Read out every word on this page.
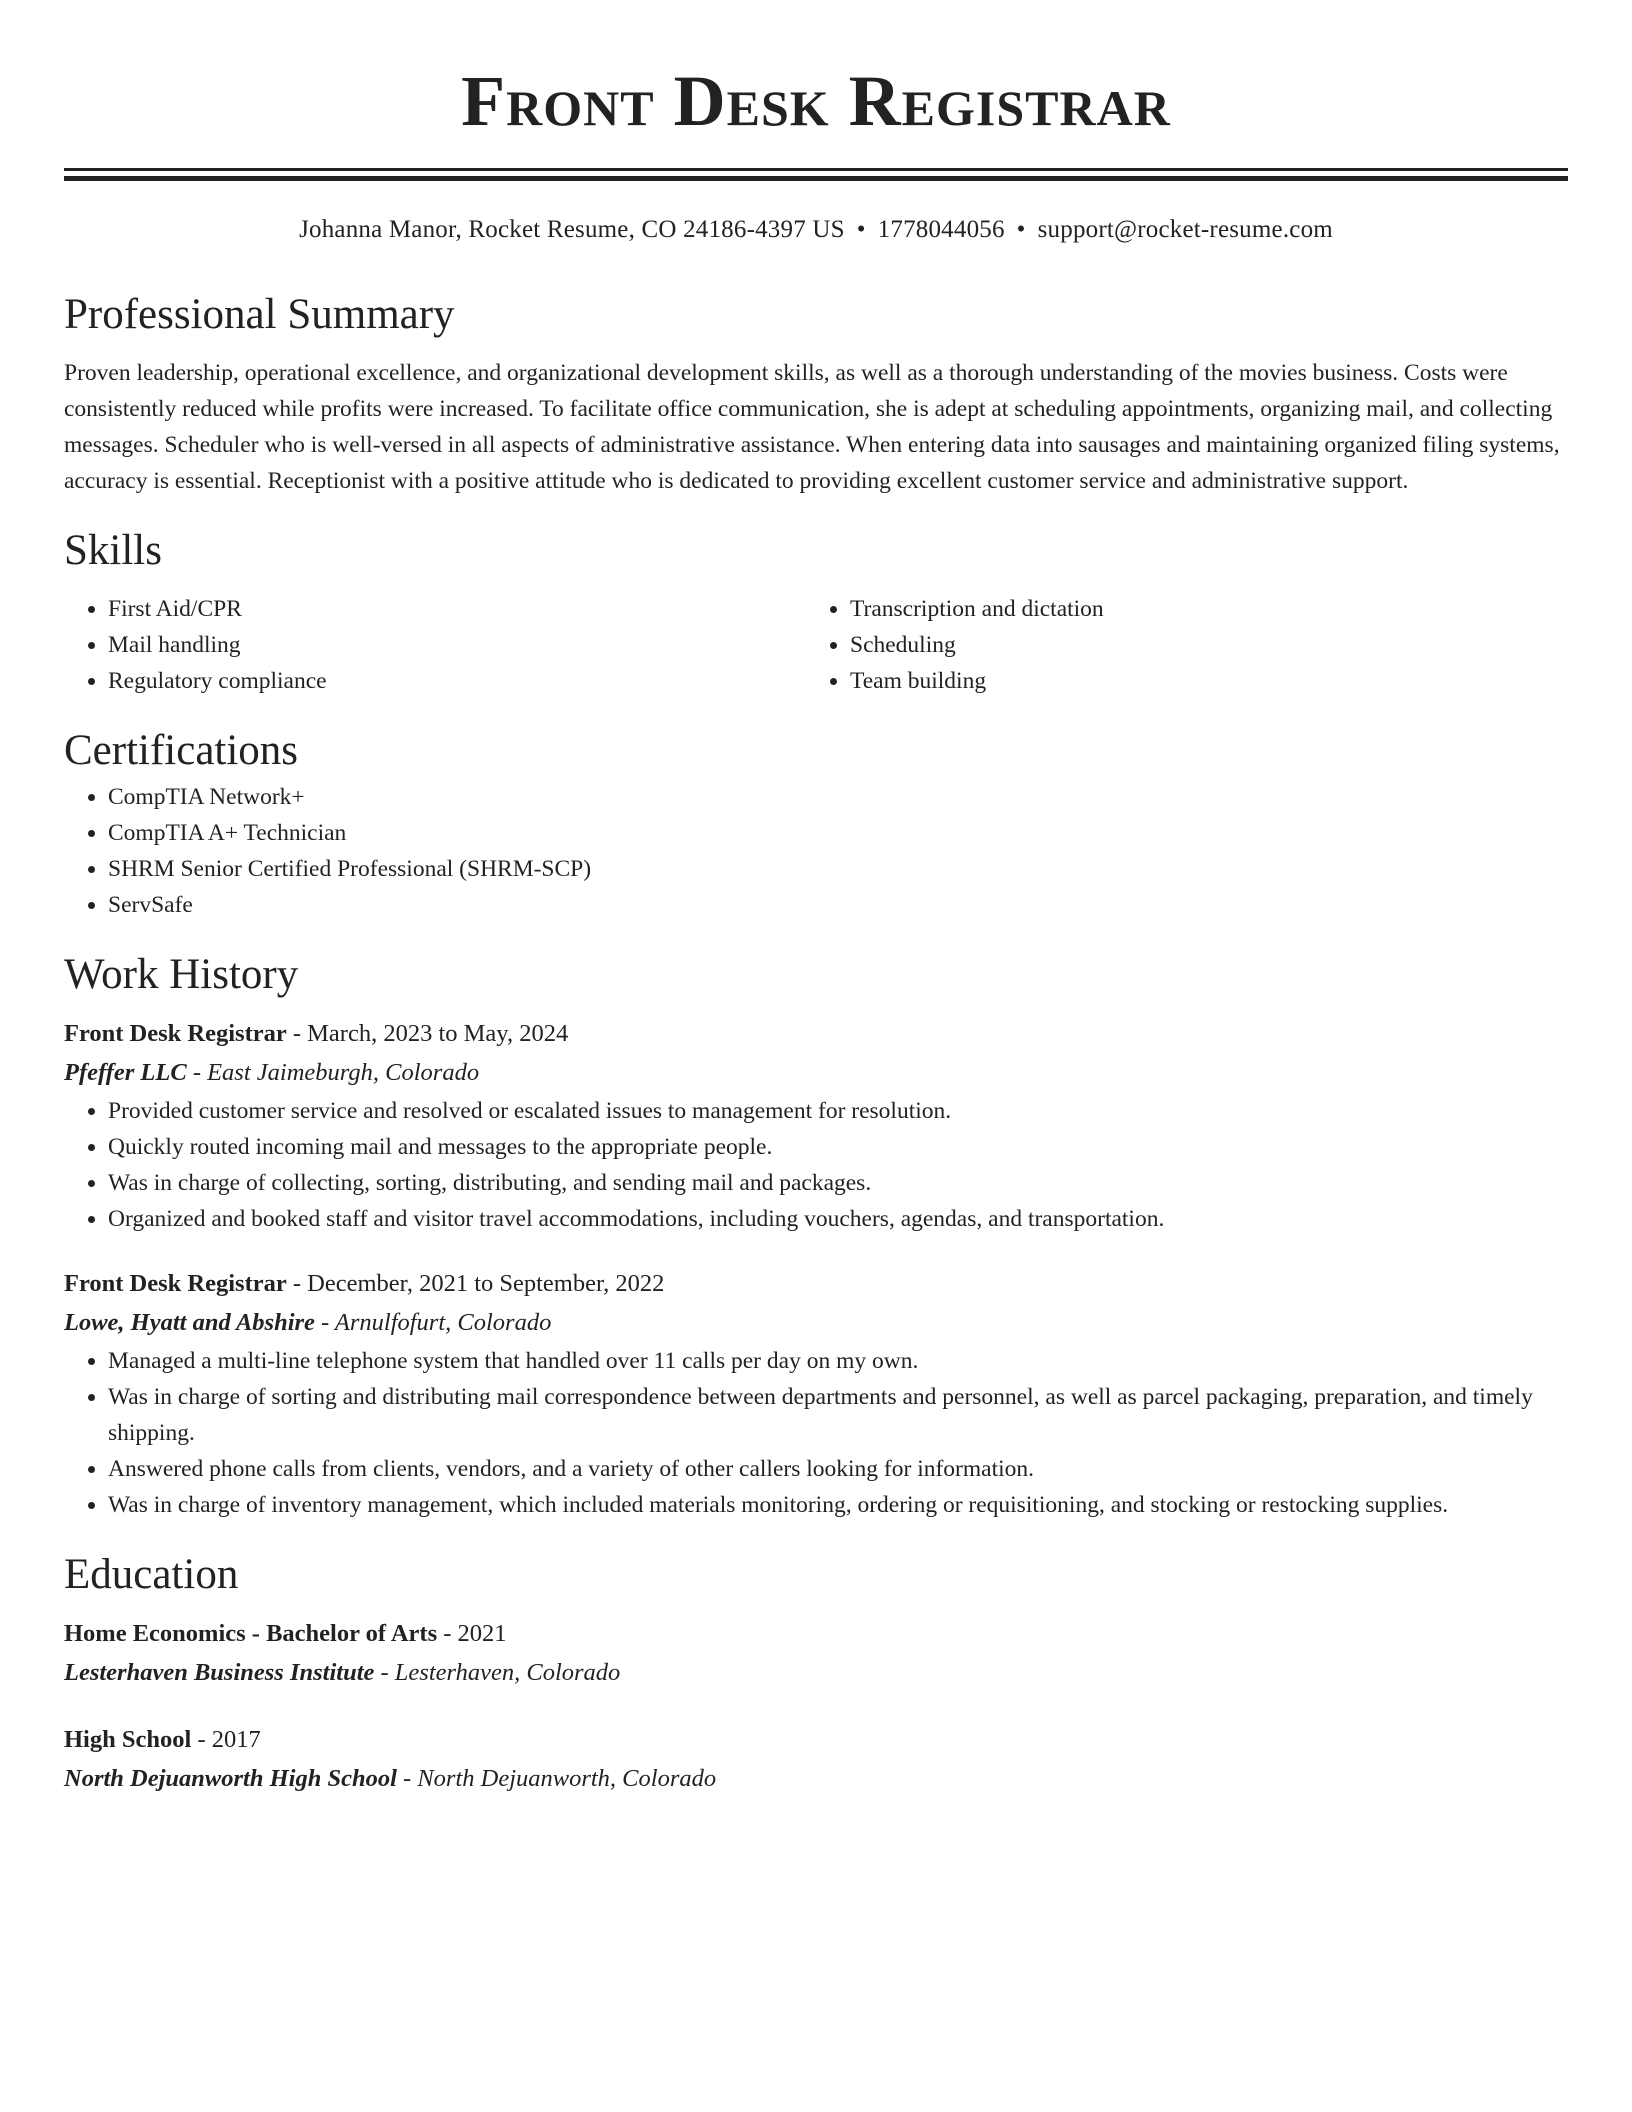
Front Desk Registrar
Johanna Manor, Rocket Resume, CO 24186-4397 US • 1778044056 • support@rocket-resume.com
Professional Summary

Proven leadership, operational excellence, and organizational development skills, as well as a thorough understanding of the movies business. Costs were consistently reduced while profits were increased. To facilitate office communication, she is adept at scheduling appointments, organizing mail, and collecting messages. Scheduler who is well-versed in all aspects of administrative assistance. When entering data into sausages and maintaining organized filing systems, accuracy is essential. Receptionist with a positive attitude who is dedicated to providing excellent customer service and administrative support.

Skills
• First Aid/CPR
• Mail handling
• Regulatory compliance
• Transcription and dictation
• Scheduling
• Team building
Certifications
• CompTIA Network+
• CompTIA A+ Technician
• SHRM Senior Certified Professional (SHRM-SCP)
• ServSafe
Work History
Front Desk Registrar - March, 2023 to May, 2024
Pfeffer LLC - East Jaimeburgh, Colorado
• Provided customer service and resolved or escalated issues to management for resolution.
• Quickly routed incoming mail and messages to the appropriate people.
• Was in charge of collecting, sorting, distributing, and sending mail and packages.
• Organized and booked staff and visitor travel accommodations, including vouchers, agendas, and transportation.
Front Desk Registrar - December, 2021 to September, 2022
Lowe, Hyatt and Abshire - Arnulfofurt, Colorado
• Managed a multi-line telephone system that handled over 11 calls per day on my own.
• Was in charge of sorting and distributing mail correspondence between departments and personnel, as well as parcel packaging, preparation, and timely shipping.
• Answered phone calls from clients, vendors, and a variety of other callers looking for information.
• Was in charge of inventory management, which included materials monitoring, ordering or requisitioning, and stocking or restocking supplies.
Education
Home Economics - Bachelor of Arts - 2021
Lesterhaven Business Institute - Lesterhaven, Colorado
High School - 2017
North Dejuanworth High School - North Dejuanworth, Colorado
